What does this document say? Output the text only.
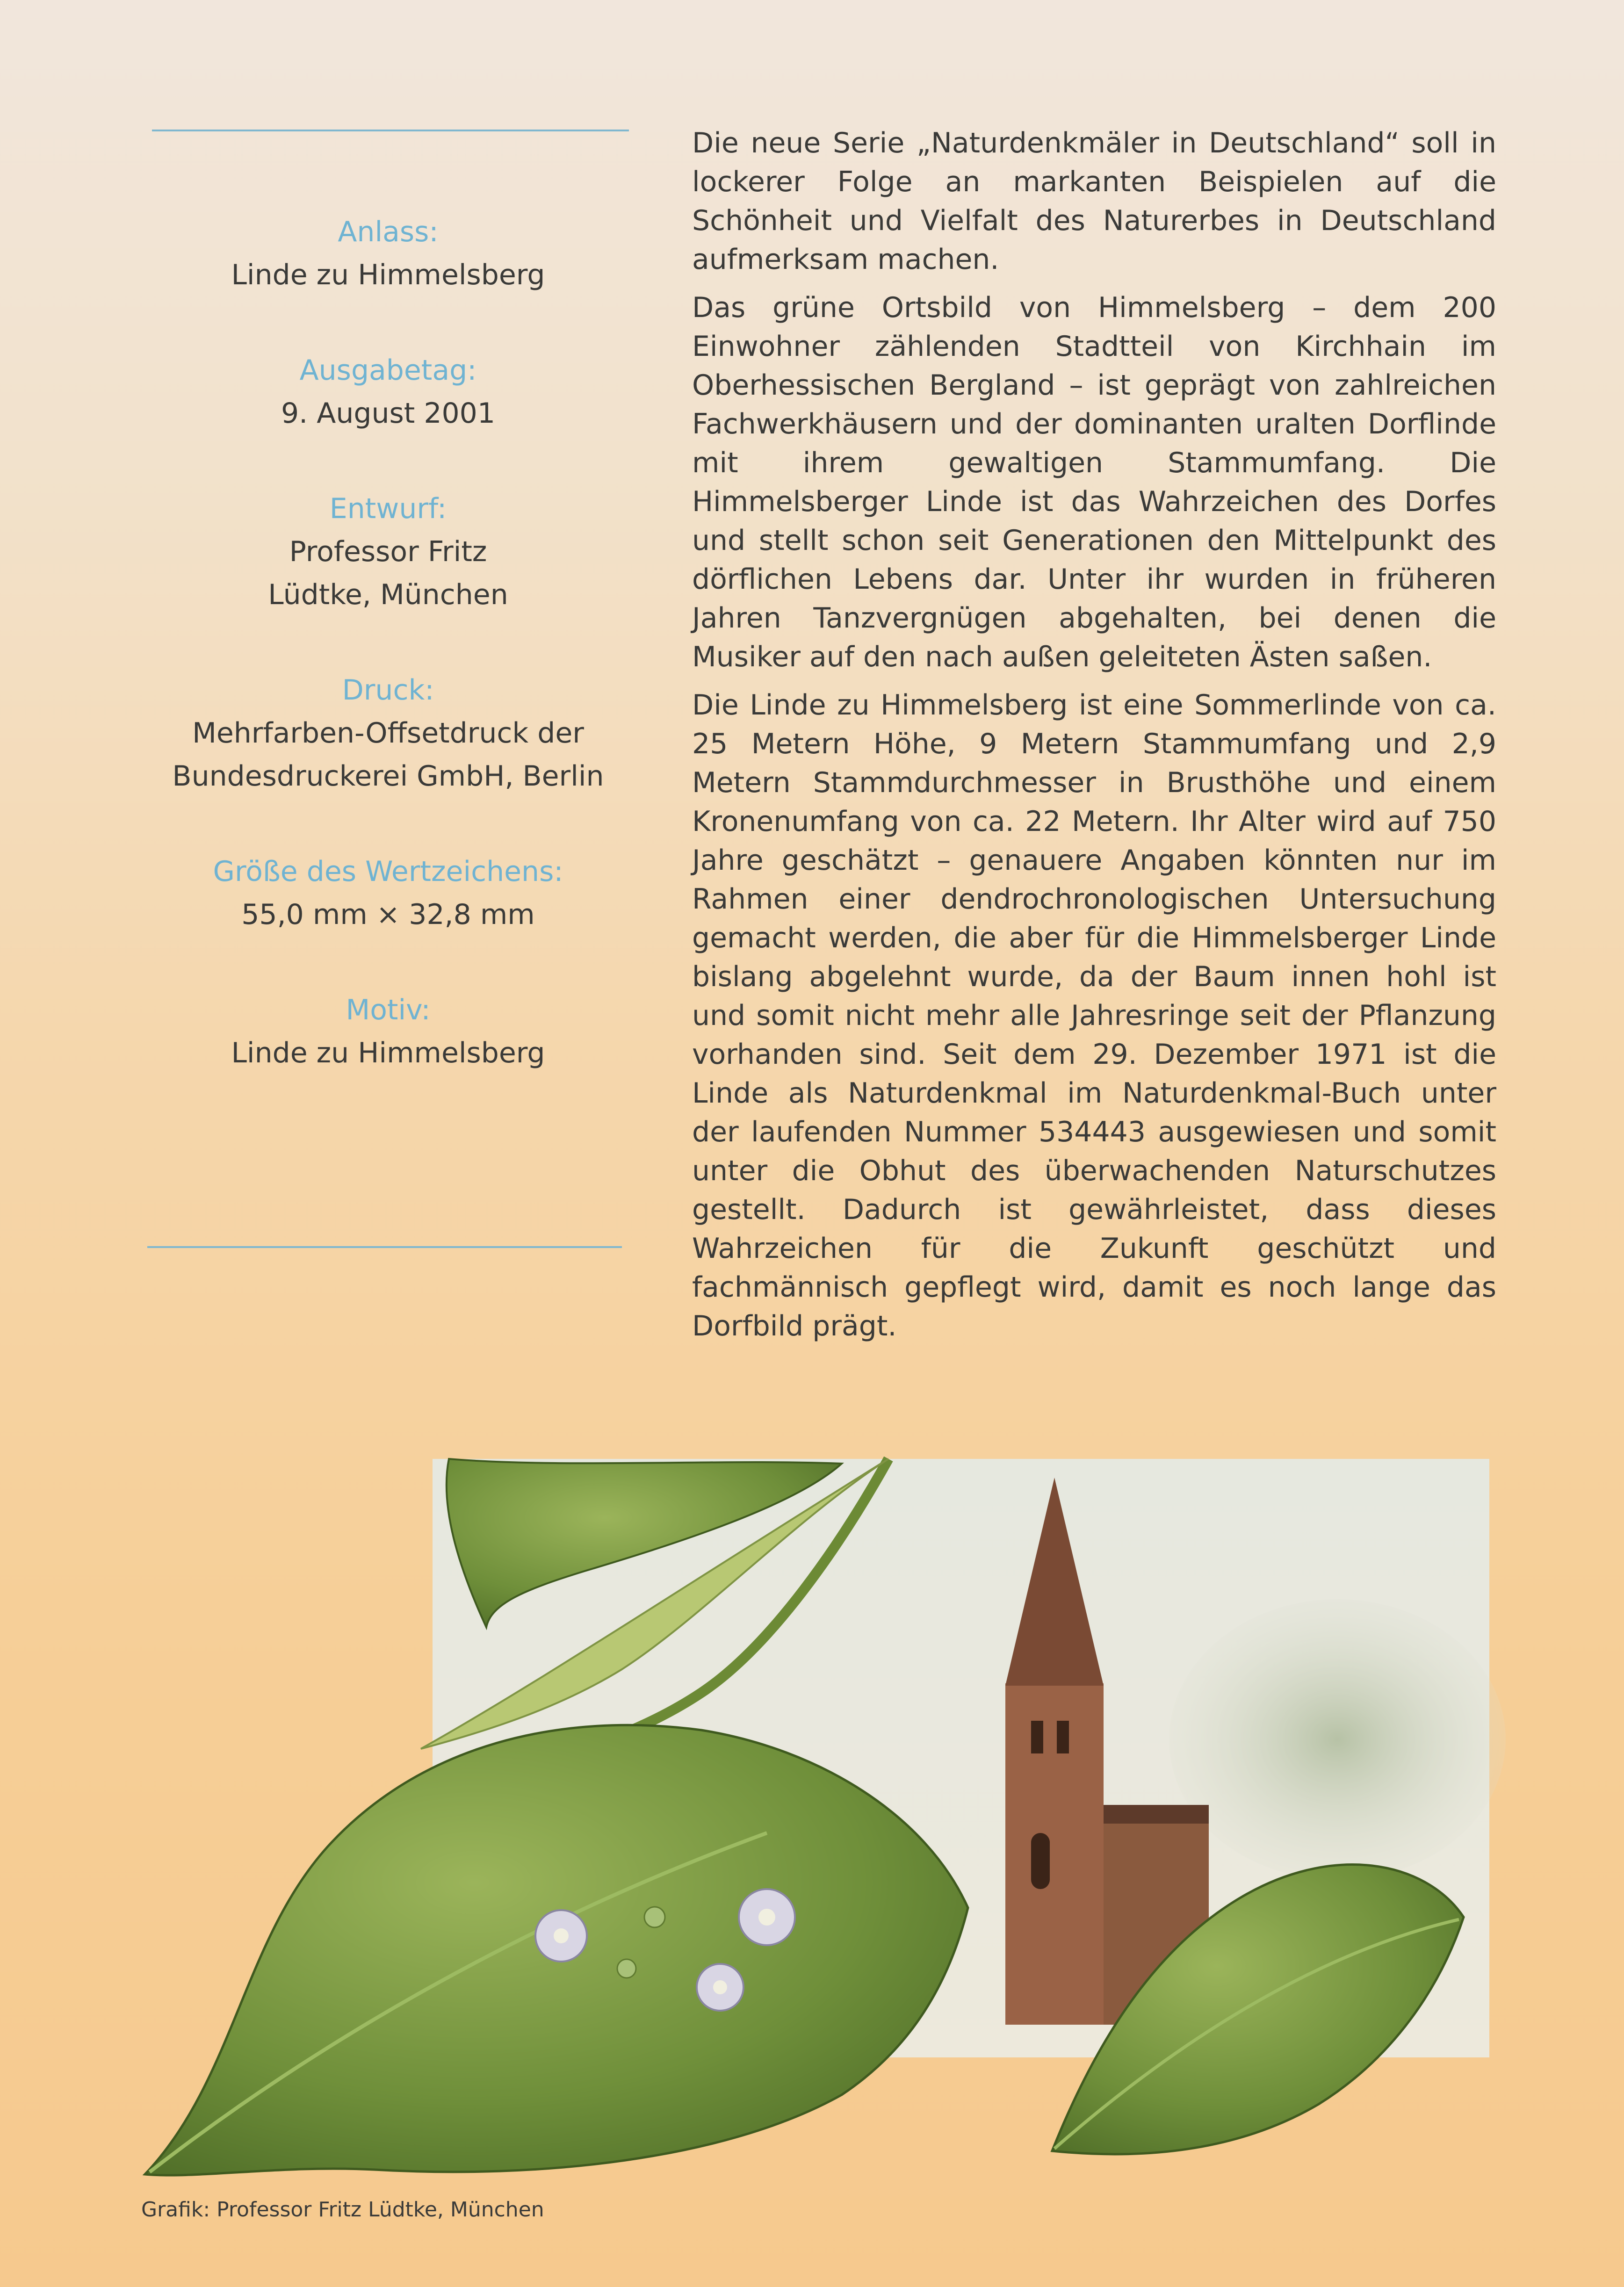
Anlass:
Linde zu Himmelsberg
Ausgabetag:
9. August 2001
Entwurf:
Professor Fritz Lüdtke, München
Druck:
Mehrfarben-Offsetdruck der Bundesdruckerei GmbH, Berlin
Größe des Wertzeichens:
55,0 mm × 32,8 mm
Motiv:
Linde zu Himmelsberg

Die neue Serie „Naturdenkmäler in Deutschland“ soll in lockerer Folge an markanten Beispielen auf die Schönheit und Vielfalt des Naturerbes in Deutschland aufmerksam machen.

Das grüne Ortsbild von Himmelsberg – dem 200 Einwohner zählenden Stadtteil von Kirchhain im Oberhessischen Bergland – ist geprägt von zahlreichen Fachwerkhäusern und der dominanten uralten Dorflinde mit ihrem gewaltigen Stammumfang. Die Himmelsberger Linde ist das Wahrzeichen des Dorfes und stellt schon seit Generationen den Mittelpunkt des dörflichen Lebens dar. Unter ihr wurden in früheren Jahren Tanzvergnügen abgehalten, bei denen die Musiker auf den nach außen geleiteten Ästen saßen.

Die Linde zu Himmelsberg ist eine Sommerlinde von ca. 25 Metern Höhe, 9 Metern Stammumfang und 2,9 Metern Stammdurchmesser in Brusthöhe und einem Kronenumfang von ca. 22 Metern. Ihr Alter wird auf 750 Jahre geschätzt – genauere Angaben könnten nur im Rahmen einer dendrochronologischen Untersuchung gemacht werden, die aber für die Himmelsberger Linde bislang abgelehnt wurde, da der Baum innen hohl ist und somit nicht mehr alle Jahresringe seit der Pflanzung vorhanden sind. Seit dem 29. Dezember 1971 ist die Linde als Naturdenkmal im Naturdenkmal-Buch unter der laufenden Nummer 534443 ausgewiesen und somit unter die Obhut des überwachenden Naturschutzes gestellt. Dadurch ist gewährleistet, dass dieses Wahrzeichen für die Zukunft geschützt und fachmännisch gepflegt wird, damit es noch lange das Dorfbild prägt.

Grafik: Professor Fritz Lüdtke, München
